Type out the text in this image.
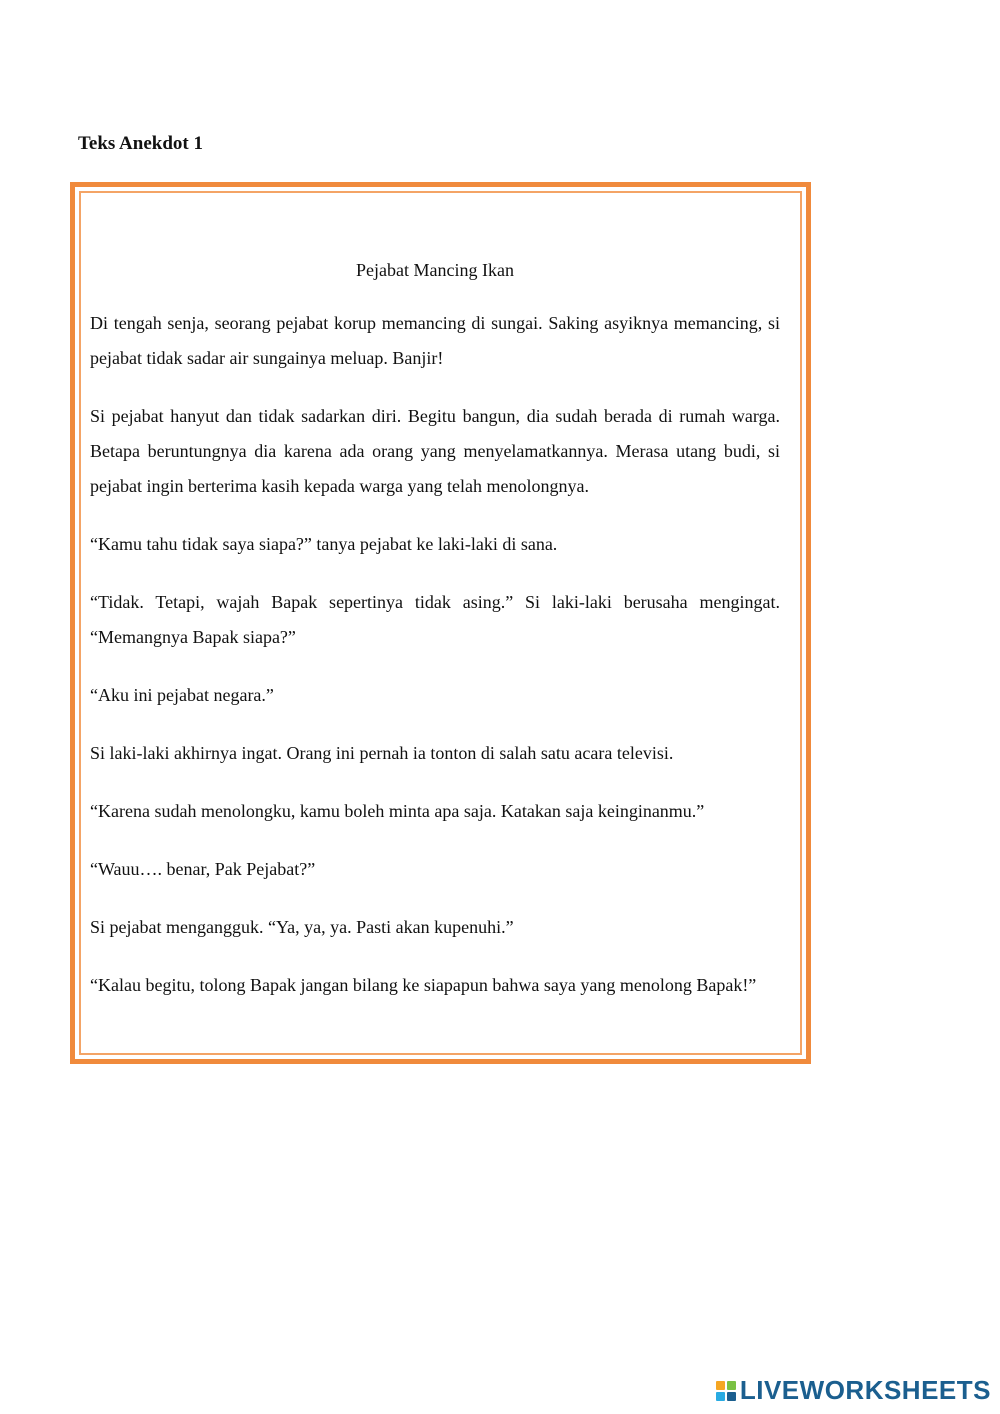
Teks Anekdot 1
Pejabat Mancing Ikan

Di tengah senja, seorang pejabat korup memancing di sungai. Saking asyiknya memancing, si pejabat tidak sadar air sungainya meluap. Banjir!

Si pejabat hanyut dan tidak sadarkan diri. Begitu bangun, dia sudah berada di rumah warga. Betapa beruntungnya dia karena ada orang yang menyelamatkannya. Merasa utang budi, si pejabat ingin berterima kasih kepada warga yang telah menolongnya.

“Kamu tahu tidak saya siapa?” tanya pejabat ke laki-laki di sana.

“Tidak. Tetapi, wajah Bapak sepertinya tidak asing.” Si laki-laki berusaha mengingat. “Memangnya Bapak siapa?”

“Aku ini pejabat negara.”

Si laki-laki akhirnya ingat. Orang ini pernah ia tonton di salah satu acara televisi.

“Karena sudah menolongku, kamu boleh minta apa saja. Katakan saja keinginanmu.”

“Wauu…. benar, Pak Pejabat?”

Si pejabat mengangguk. “Ya, ya, ya. Pasti akan kupenuhi.”

“Kalau begitu, tolong Bapak jangan bilang ke siapapun bahwa saya yang menolong Bapak!”

LIVEWORKSHEETS
